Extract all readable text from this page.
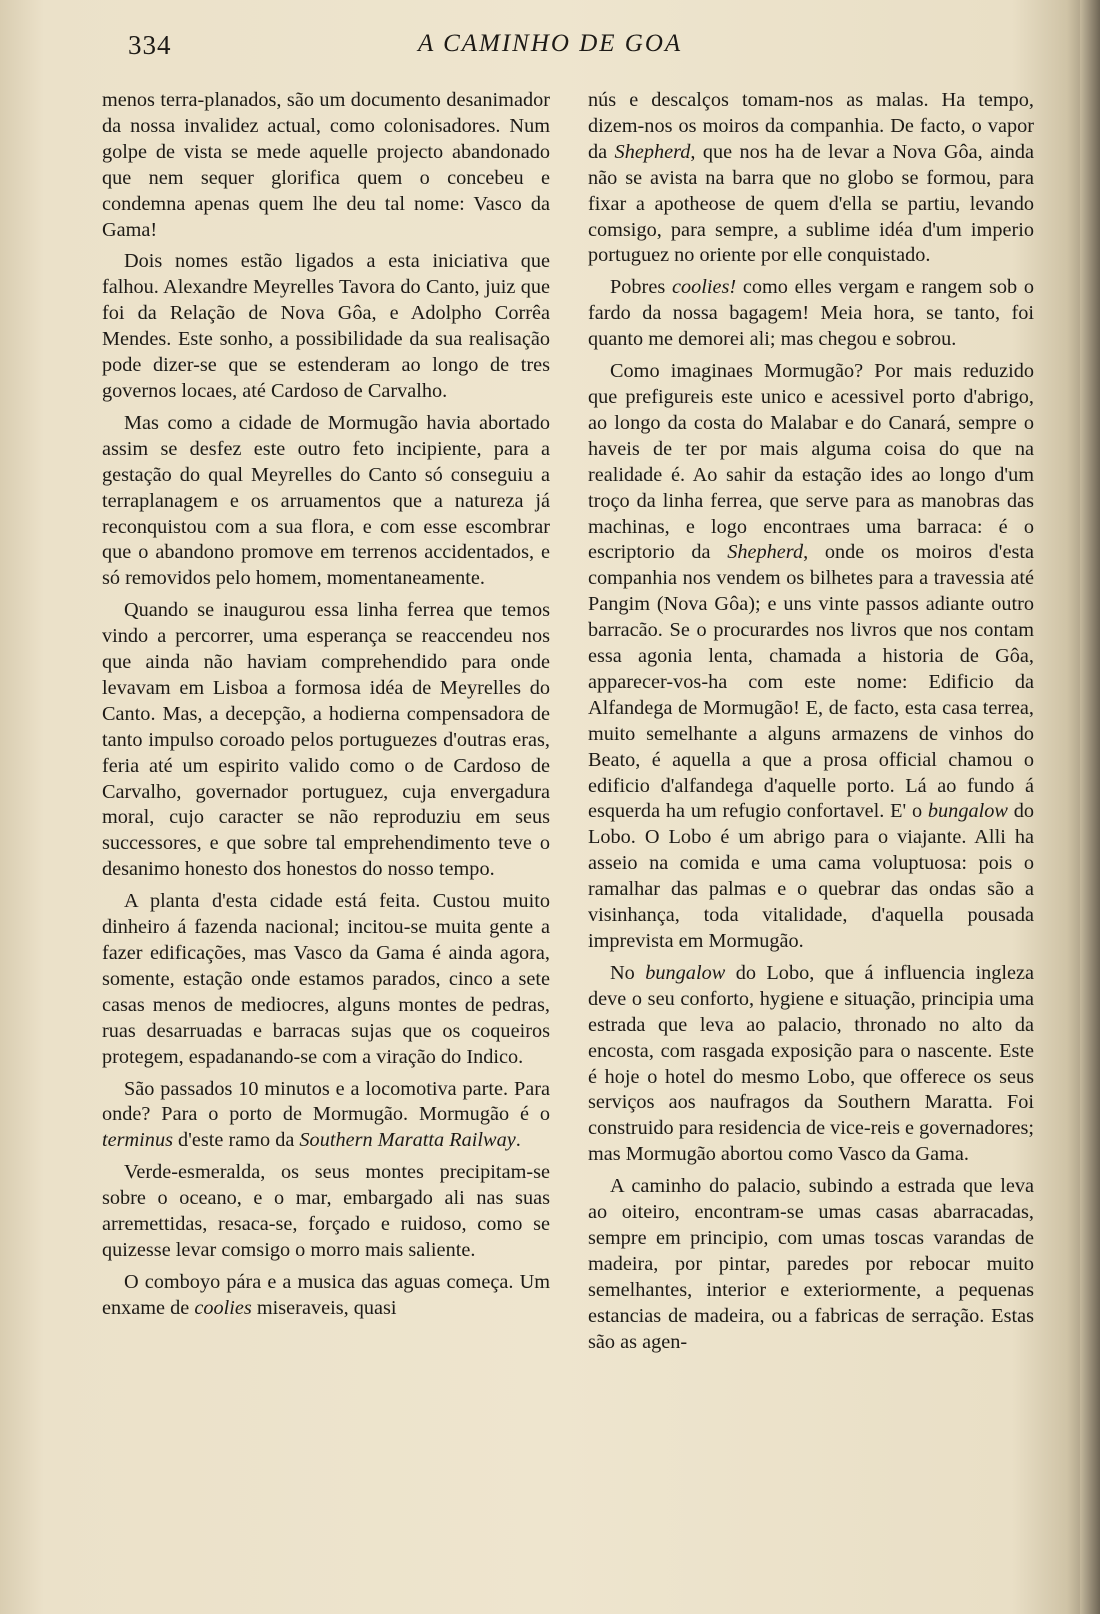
334	A CAMINHO DE GOA

menos terra-planados, são um documento desanimador da nossa invalidez actual, como colonisadores. Num golpe de vista se mede aquelle projecto abandonado que nem sequer glorifica quem o concebeu e condemna apenas quem lhe deu tal nome: Vasco da Gama!

Dois nomes estão ligados a esta iniciativa que falhou. Alexandre Meyrelles Tavora do Canto, juiz que foi da Relação de Nova Gôa, e Adolpho Corrêa Mendes. Este sonho, a possibilidade da sua realisação pode dizer-se que se estenderam ao longo de tres governos locaes, até Cardoso de Carvalho.

Mas como a cidade de Mormugão havia abortado assim se desfez este outro feto incipiente, para a gestação do qual Meyrelles do Canto só conseguiu a terraplanagem e os arruamentos que a natureza já reconquistou com a sua flora, e com esse escombrar que o abandono promove em terrenos accidentados, e só removidos pelo homem, momentaneamente.

Quando se inaugurou essa linha ferrea que temos vindo a percorrer, uma esperança se reaccendeu nos que ainda não haviam comprehendido para onde levavam em Lisboa a formosa idéa de Meyrelles do Canto. Mas, a decepção, a hodierna compensadora de tanto impulso coroado pelos portuguezes d'outras eras, feria até um espirito valido como o de Cardoso de Carvalho, governador portuguez, cuja envergadura moral, cujo caracter se não reproduziu em seus successores, e que sobre tal emprehendimento teve o desanimo honesto dos honestos do nosso tempo.

A planta d'esta cidade está feita. Custou muito dinheiro á fazenda nacional; incitou-se muita gente a fazer edificações, mas Vasco da Gama é ainda agora, somente, estação onde estamos parados, cinco a sete casas menos de mediocres, alguns montes de pedras, ruas desarruadas e barracas sujas que os coqueiros protegem, espadanando-se com a viração do Indico.

São passados 10 minutos e a locomotiva parte. Para onde? Para o porto de Mormugão. Mormugão é o terminus d'este ramo da Southern Maratta Railway.

Verde-esmeralda, os seus montes precipitam-se sobre o oceano, e o mar, embargado ali nas suas arremettidas, resaca-se, forçado e ruidoso, como se quizesse levar comsigo o morro mais saliente.

O comboyo pára e a musica das aguas começa. Um enxame de coolies miseraveis, quasi

nús e descalços tomam-nos as malas. Ha tempo, dizem-nos os moiros da companhia. De facto, o vapor da Shepherd, que nos ha de levar a Nova Gôa, ainda não se avista na barra que no globo se formou, para fixar a apotheose de quem d'ella se partiu, levando comsigo, para sempre, a sublime idéa d'um imperio portuguez no oriente por elle conquistado.

Pobres coolies! como elles vergam e rangem sob o fardo da nossa bagagem! Meia hora, se tanto, foi quanto me demorei ali; mas chegou e sobrou.

Como imaginaes Mormugão? Por mais reduzido que prefigureis este unico e acessivel porto d'abrigo, ao longo da costa do Malabar e do Canará, sempre o haveis de ter por mais alguma coisa do que na realidade é. Ao sahir da estação ides ao longo d'um troço da linha ferrea, que serve para as manobras das machinas, e logo encontraes uma barraca: é o escriptorio da Shepherd, onde os moiros d'esta companhia nos vendem os bilhetes para a travessia até Pangim (Nova Gôa); e uns vinte passos adiante outro barracão. Se o procurardes nos livros que nos contam essa agonia lenta, chamada a historia de Gôa, apparecer-vos-ha com este nome: Edificio da Alfandega de Mormugão! E, de facto, esta casa terrea, muito semelhante a alguns armazens de vinhos do Beato, é aquella a que a prosa official chamou o edificio d'alfandega d'aquelle porto. Lá ao fundo á esquerda ha um refugio confortavel. E' o bungalow do Lobo. O Lobo é um abrigo para o viajante. Alli ha asseio na comida e uma cama voluptuosa: pois o ramalhar das palmas e o quebrar das ondas são a visinhança, toda vitalidade, d'aquella pousada imprevista em Mormugão.

No bungalow do Lobo, que á influencia ingleza deve o seu conforto, hygiene e situação, principia uma estrada que leva ao palacio, thronado no alto da encosta, com rasgada exposição para o nascente. Este é hoje o hotel do mesmo Lobo, que offerece os seus serviços aos naufragos da Southern Maratta. Foi construido para residencia de vice-reis e governadores; mas Mormugão abortou como Vasco da Gama.

A caminho do palacio, subindo a estrada que leva ao oiteiro, encontram-se umas casas abarracadas, sempre em principio, com umas toscas varandas de madeira, por pintar, paredes por rebocar muito semelhantes, interior e exteriormente, a pequenas estancias de madeira, ou a fabricas de serração. Estas são as agen-
